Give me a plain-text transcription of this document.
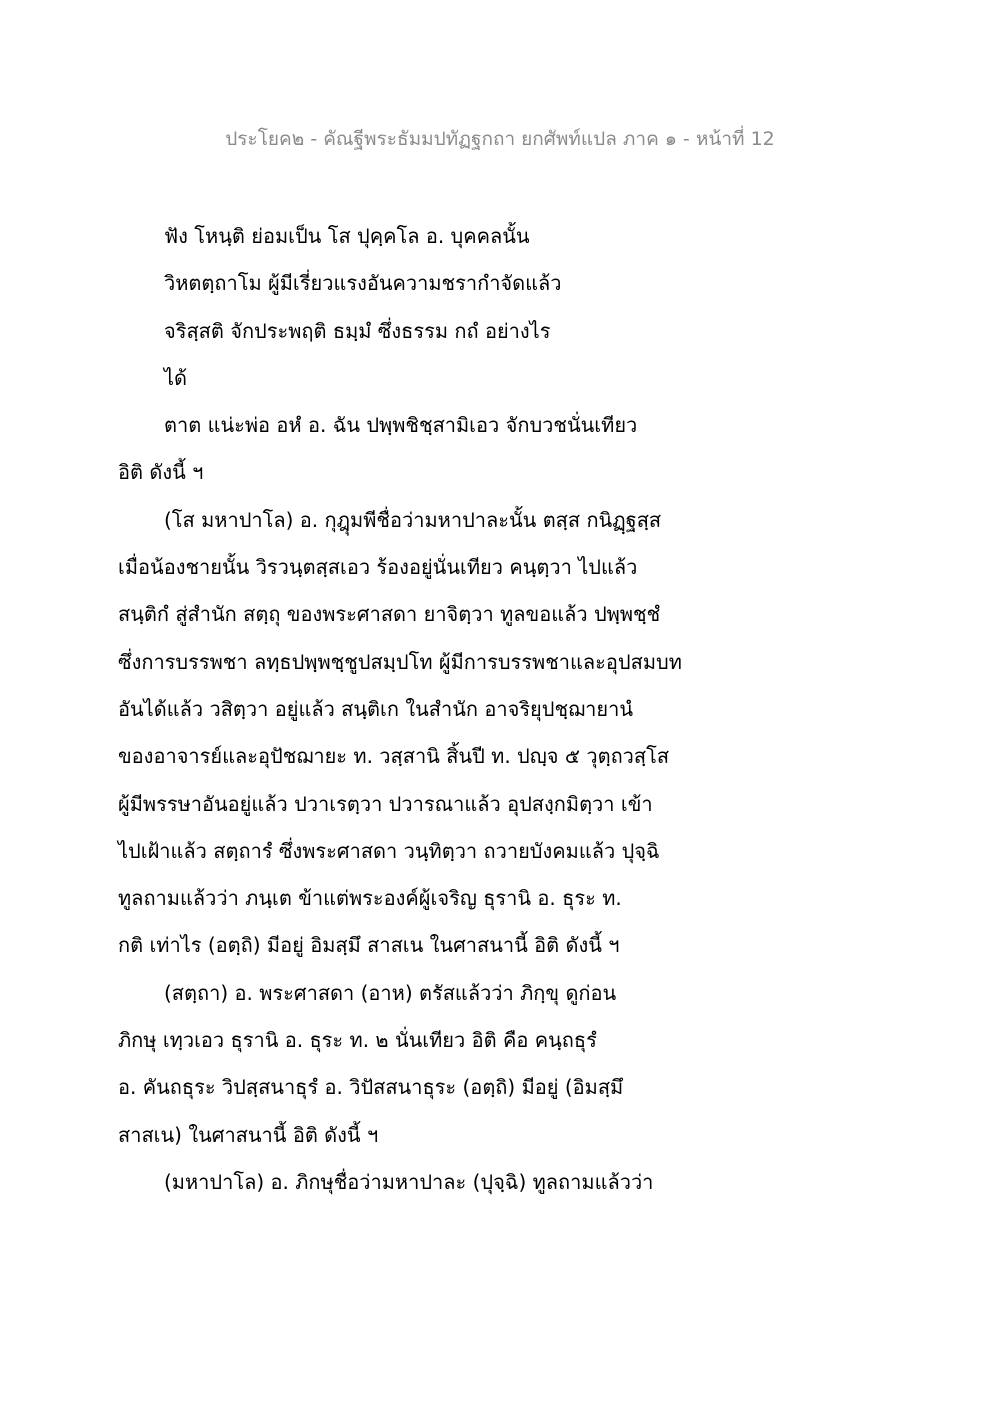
ประโยค๒ - คัณฐีพระธัมมปทัฏฐกถา ยกศัพท์แปล ภาค ๑ - หน้าที่ 12
ฟัง โหนฺติ ย่อมเป็น โส ปุคฺคโล อ. บุคคลนั้น
วิหตตฺถาโม ผู้มีเรี่ยวแรงอันความชรากำจัดแล้ว
จริสฺสติ จักประพฤติ ธมฺมํ ซึ่งธรรม กถํ อย่างไร
ได้
ตาต แน่ะพ่อ อหํ อ. ฉัน ปพฺพชิชฺสามิเอว จักบวชนั่นเทียว
อิติ ดังนี้ ฯ
(โส มหาปาโล) อ. กุฎุมพีชื่อว่ามหาปาละนั้น ตสฺส กนิฏฺฐสฺส
เมื่อน้องชายนั้น วิรวนฺตสฺสเอว ร้องอยู่นั่นเทียว คนฺตฺวา ไปแล้ว
สนฺติกํ สู่สำนัก สตฺถุ ของพระศาสดา ยาจิตฺวา ทูลขอแล้ว ปพฺพชฺชํ
ซึ่งการบรรพชา ลทฺธปพฺพชฺชูปสมฺปโท ผู้มีการบรรพชาและอุปสมบท
อันได้แล้ว วสิตฺวา อยู่แล้ว สนฺติเก ในสำนัก อาจริยุปชฺฌายานํ
ของอาจารย์และอุปัชฌายะ ท. วสฺสานิ สิ้นปี ท. ปญฺจ ๕ วุตฺถวสฺโส
ผู้มีพรรษาอันอยู่แล้ว ปวาเรตฺวา ปวารณาแล้ว อุปสงฺกมิตฺวา เข้า
ไปเฝ้าแล้ว สตฺถารํ ซึ่งพระศาสดา วนฺทิตฺวา ถวายบังคมแล้ว ปุจฺฉิ
ทูลถามแล้วว่า ภนฺเต ข้าแต่พระองค์ผู้เจริญ ธุรานิ อ. ธุระ ท.
กติ เท่าไร (อตฺถิ) มีอยู่ อิมสฺมึ สาสเน ในศาสนานี้ อิติ ดังนี้ ฯ
(สตฺถา) อ. พระศาสดา (อาห) ตรัสแล้วว่า ภิกฺขุ ดูก่อน
ภิกษุ เทฺวเอว ธุรานิ อ. ธุระ ท. ๒ นั่นเทียว อิติ คือ คนฺถธุรํ
อ. คันถธุระ วิปสฺสนาธุรํ อ. วิปัสสนาธุระ (อตฺถิ) มีอยู่ (อิมสฺมึ
สาสเน) ในศาสนานี้ อิติ ดังนี้ ฯ
(มหาปาโล) อ. ภิกษุชื่อว่ามหาปาละ (ปุจฺฉิ) ทูลถามแล้วว่า
